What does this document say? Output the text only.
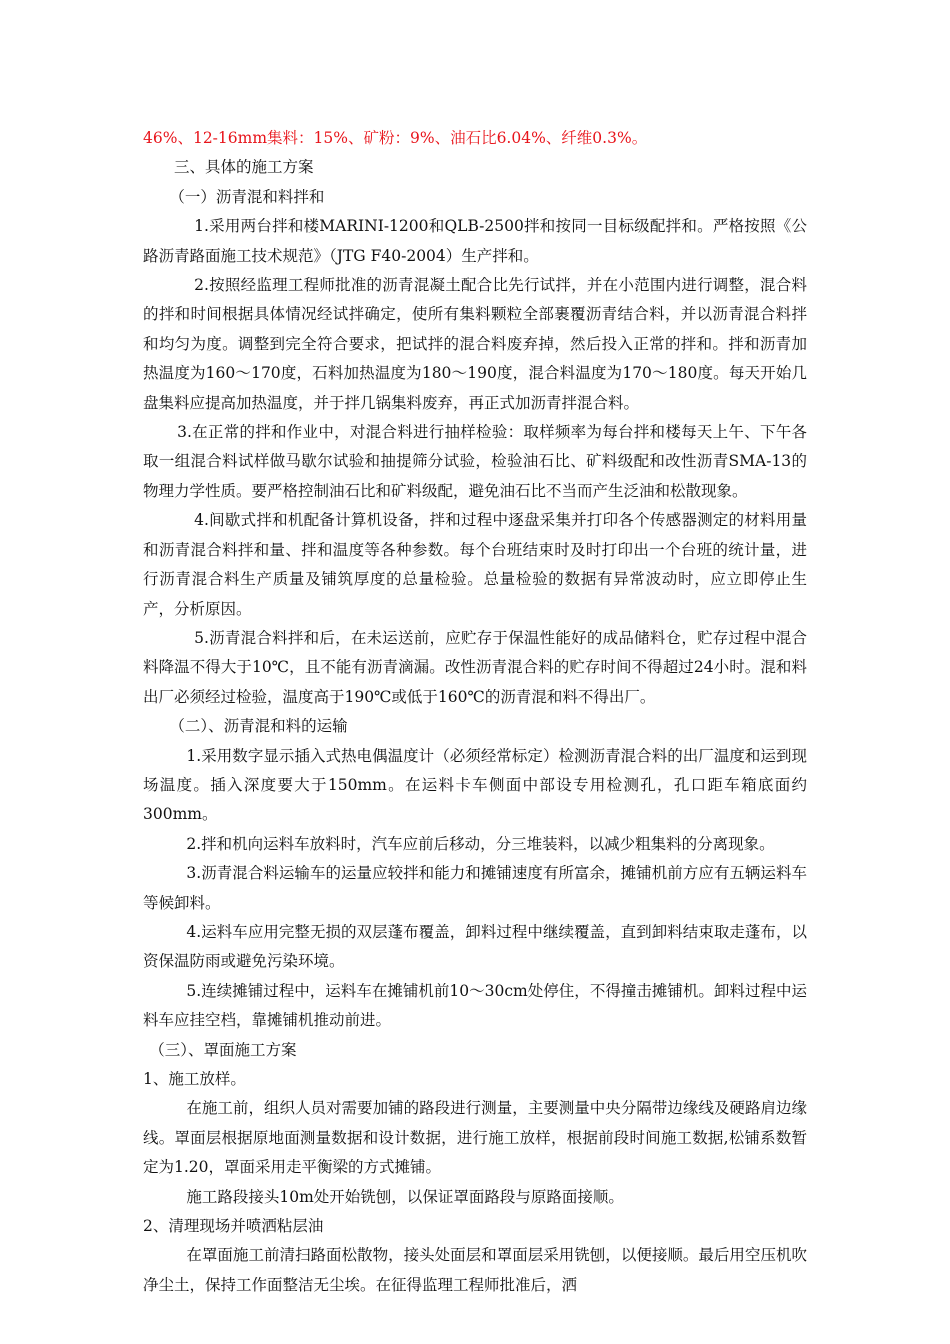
46%、12-16mm集料：15%、矿粉：9%、油石比6.04%、纤维0.3%。

三、具体的施工方案

（一）沥青混和料拌和

1.采用两台拌和楼MARINI-1200和QLB-2500拌和按同一目标级配拌和。严格按照《公路沥青路面施工技术规范》（JTG F40-2004）生产拌和。

2.按照经监理工程师批准的沥青混凝土配合比先行试拌，并在小范围内进行调整，混合料的拌和时间根据具体情况经试拌确定，使所有集料颗粒全部裹覆沥青结合料，并以沥青混合料拌和均匀为度。调整到完全符合要求，把试拌的混合料废弃掉，然后投入正常的拌和。拌和沥青加热温度为160～170度，石料加热温度为180～190度，混合料温度为170～180度。每天开始几盘集料应提高加热温度，并于拌几锅集料废弃，再正式加沥青拌混合料。

3.在正常的拌和作业中，对混合料进行抽样检验：取样频率为每台拌和楼每天上午、下午各取一组混合料试样做马歇尔试验和抽提筛分试验，检验油石比、矿料级配和改性沥青SMA-13的物理力学性质。要严格控制油石比和矿料级配，避免油石比不当而产生泛油和松散现象。

4.间歇式拌和机配备计算机设备，拌和过程中逐盘采集并打印各个传感器测定的材料用量和沥青混合料拌和量、拌和温度等各种参数。每个台班结束时及时打印出一个台班的统计量，进行沥青混合料生产质量及铺筑厚度的总量检验。总量检验的数据有异常波动时，应立即停止生产，分析原因。

5.沥青混合料拌和后，在未运送前，应贮存于保温性能好的成品储料仓，贮存过程中混合料降温不得大于10℃，且不能有沥青滴漏。改性沥青混合料的贮存时间不得超过24小时。混和料出厂必须经过检验，温度高于190℃或低于160℃的沥青混和料不得出厂。

（二）、沥青混和料的运输

1.采用数字显示插入式热电偶温度计（必须经常标定）检测沥青混合料的出厂温度和运到现场温度。插入深度要大于150mm。在运料卡车侧面中部设专用检测孔，孔口距车箱底面约300mm。

2.拌和机向运料车放料时，汽车应前后移动，分三堆装料，以减少粗集料的分离现象。

3.沥青混合料运输车的运量应较拌和能力和摊铺速度有所富余，摊铺机前方应有五辆运料车等候卸料。

4.运料车应用完整无损的双层蓬布覆盖，卸料过程中继续覆盖，直到卸料结束取走蓬布，以资保温防雨或避免污染环境。

5.连续摊铺过程中，运料车在摊铺机前10～30cm处停住，不得撞击摊铺机。卸料过程中运料车应挂空档，靠摊铺机推动前进。

（三）、罩面施工方案

1、施工放样。

在施工前，组织人员对需要加铺的路段进行测量，主要测量中央分隔带边缘线及硬路肩边缘线。罩面层根据原地面测量数据和设计数据，进行施工放样，根据前段时间施工数据,松铺系数暂定为1.20，罩面采用走平衡梁的方式摊铺。

施工路段接头10m处开始铣刨，以保证罩面路段与原路面接顺。

2、清理现场并喷洒粘层油

在罩面施工前清扫路面松散物，接头处面层和罩面层采用铣刨，以便接顺。最后用空压机吹净尘土，保持工作面整洁无尘埃。在征得监理工程师批准后，洒
